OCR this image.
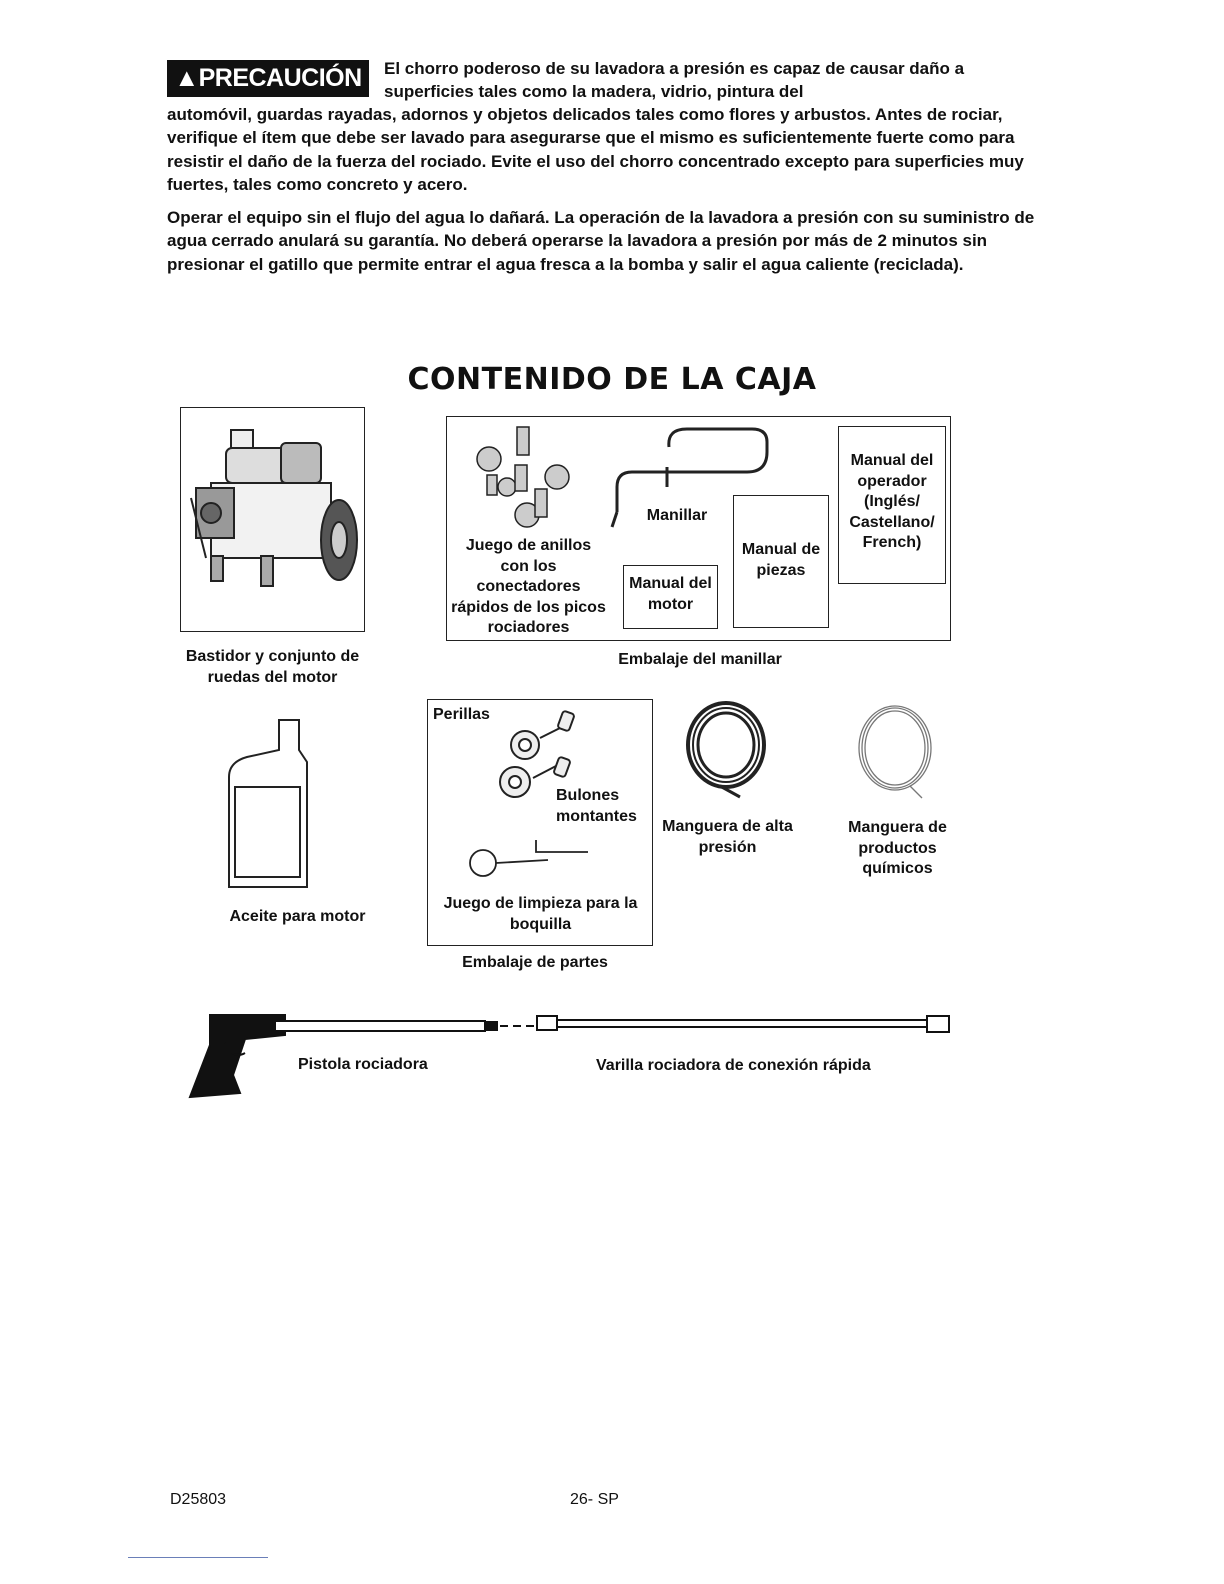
▲PRECAUCIÓN	El chorro poderoso de su lavadora a presión es capaz de causar daño a superficies tales como la madera, vidrio, pintura del
automóvil, guardas rayadas, adornos y objetos delicados tales como flores y arbustos. Antes de rociar, verifique el ítem que debe ser lavado para asegurarse que el mismo es suficientemente fuerte como para resistir el daño de la fuerza del rociado. Evite el uso del chorro concentrado excepto para superficies muy fuertes, tales como concreto y acero.
Operar el equipo sin el flujo del agua lo dañará. La operación de la lavadora a presión con su suministro de agua cerrado anulará su garantía. No deberá operarse la lavadora a presión por más de 2 minutos sin presionar el gatillo que permite entrar el agua fresca a la bomba y salir el agua caliente (reciclada).
CONTENIDO DE LA CAJA
Bastidor y conjunto de ruedas del motor
Juego de anillos con los conectadores rápidos de los picos rociadores
Manillar
Manual del motor
Manual de piezas
Manual del operador (Inglés/ Castellano/ French)
Embalaje del manillar
Aceite para motor
Perillas
Bulones montantes
Juego de limpieza para la boquilla
Embalaje de partes
Manguera de alta presión
Manguera de productos químicos
Pistola rociadora	Varilla rociadora de conexión rápida
D25803	26- SP
